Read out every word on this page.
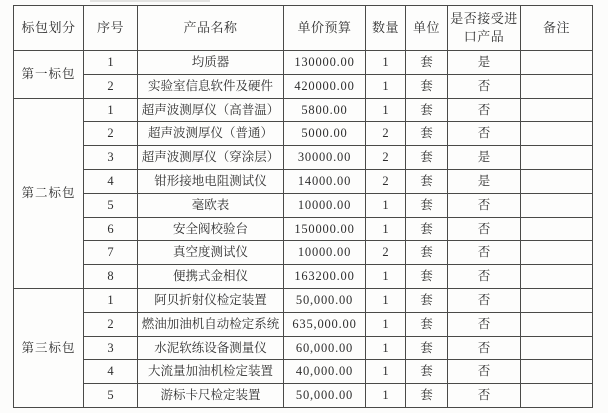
标包划分	序号	产品名称	单价预算	数量	单位	是否接受进口产品	备注
第一标包	1	均质器	130000.00	1	套	是	
	2	实验室信息软件及硬件	420000.00	1	套	否	
第二标包	1	超声波测厚仪（高普温）	5800.00	1	套	否	
	2	超声波测厚仪（普通）	5000.00	2	套	否	
	3	超声波测厚仪（穿涂层）	30000.00	2	套	是	
	4	钳形接地电阻测试仪	14000.00	2	套	是	
	5	毫欧表	10000.00	1	套	否	
	6	安全阀校验台	150000.00	1	套	否	
	7	真空度测试仪	10000.00	2	套	否	
	8	便携式金相仪	163200.00	1	套	否	
第三标包	1	阿贝折射仪检定装置	50,000.00	1	套	否	
	2	燃油加油机自动检定系统	635,000.00	1	套	否	
	3	水泥软练设备测量仪	60,000.00	1	套	否	
	4	大流量加油机检定装置	40,000.00	1	套	否	
	5	游标卡尺检定装置	50,000.00	1	套	否	
